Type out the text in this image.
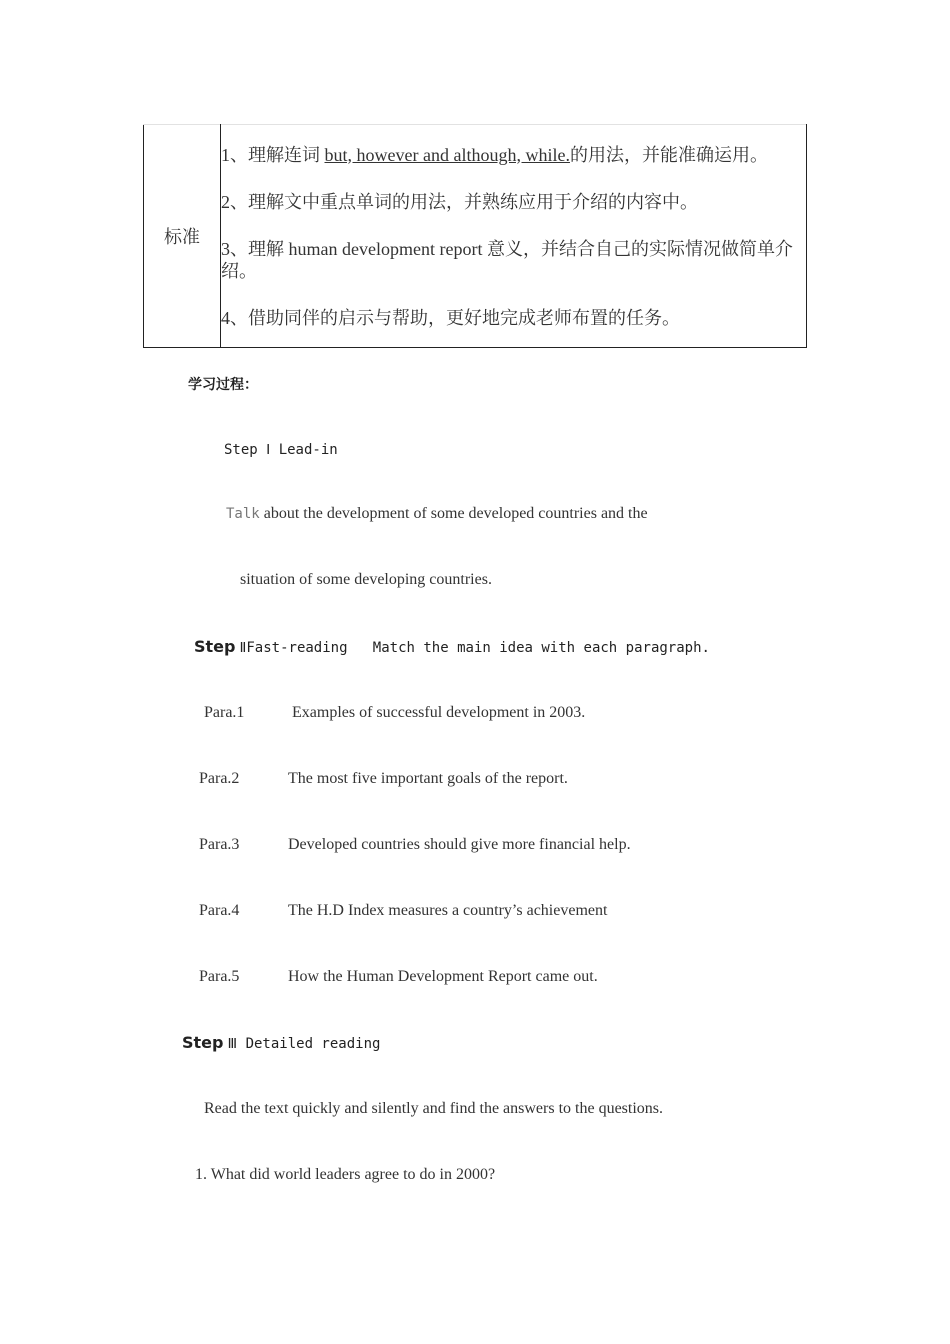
标准	

1、理解连词 but, however and although, while.的用法，并能准确运用。

2、理解文中重点单词的用法，并熟练应用于介绍的内容中。

3、理解 human development report 意义，并结合自己的实际情况做简单介绍。

4、借助同伴的启示与帮助，更好地完成老师布置的任务。

学习过程：
Step Ⅰ Lead-in
Talk about the development of some developed countries and the
situation of some developing countries.
Step ⅡFast-reading   Match the main idea with each paragraph.
Para.1	Examples of successful development in 2003.
Para.2	The most five important goals of the report.
Para.3	Developed countries should give more financial help.
Para.4	The H.D Index measures a country’s achievement
Para.5	How the Human Development Report came out.
Step Ⅲ Detailed reading
Read the text quickly and silently and find the answers to the questions.
1. What did world leaders agree to do in 2000?
